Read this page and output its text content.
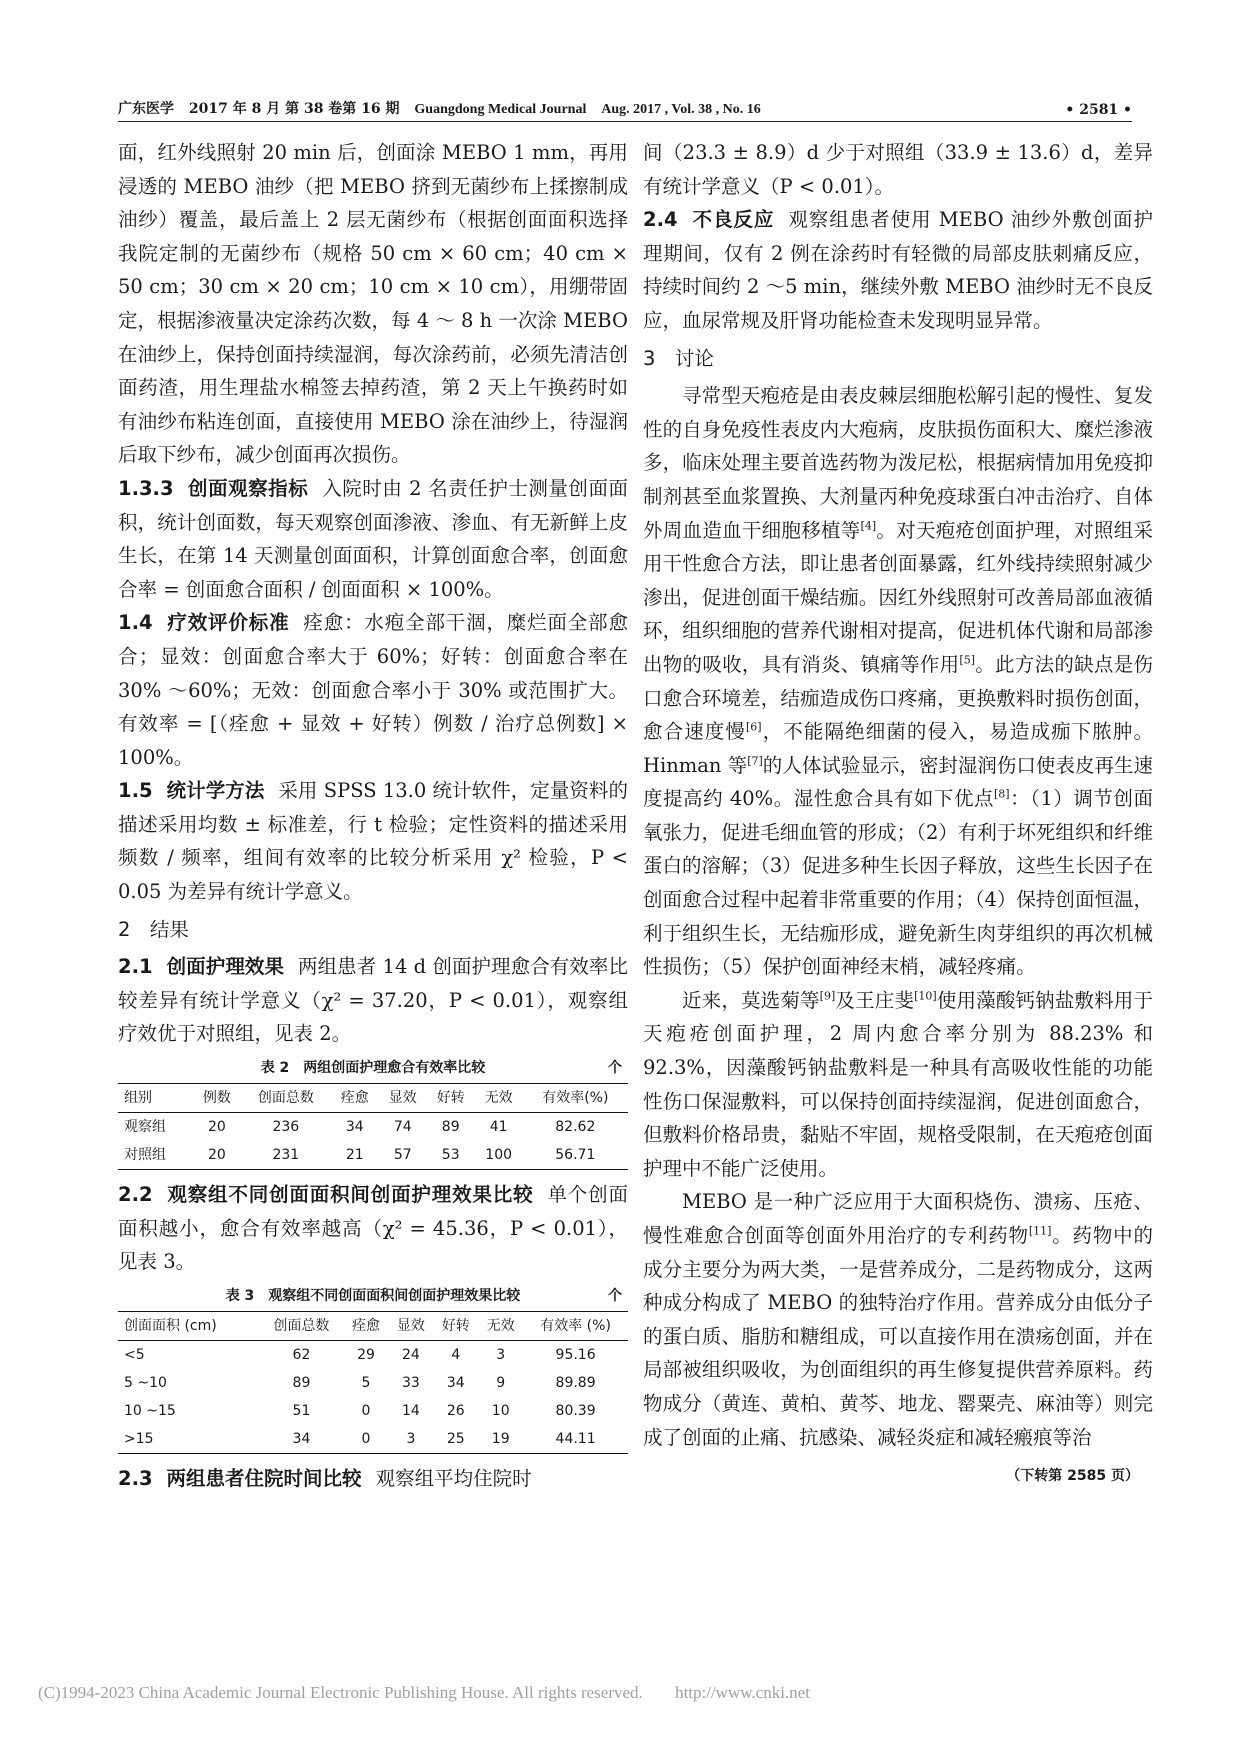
广东医学 2017 年 8 月 第 38 卷第 16 期 Guangdong Medical Journal Aug. 2017 , Vol. 38 , No. 16	• 2581 •

面，红外线照射 20 min 后，创面涂 MEBO 1 mm，再用浸透的 MEBO 油纱（把 MEBO 挤到无菌纱布上揉擦制成油纱）覆盖，最后盖上 2 层无菌纱布（根据创面面积选择我院定制的无菌纱布（规格 50 cm × 60 cm；40 cm × 50 cm；30 cm × 20 cm；10 cm × 10 cm），用绷带固定，根据渗液量决定涂药次数，每 4 ～ 8 h 一次涂 MEBO 在油纱上，保持创面持续湿润，每次涂药前，必须先清洁创面药渣，用生理盐水棉签去掉药渣，第 2 天上午换药时如有油纱布粘连创面，直接使用 MEBO 涂在油纱上，待湿润后取下纱布，减少创面再次损伤。

1.3.3 创面观察指标 入院时由 2 名责任护士测量创面面积，统计创面数，每天观察创面渗液、渗血、有无新鲜上皮生长，在第 14 天测量创面面积，计算创面愈合率，创面愈合率 = 创面愈合面积 / 创面面积 × 100%。

1.4 疗效评价标准 痊愈：水疱全部干涸，糜烂面全部愈合；显效：创面愈合率大于 60%；好转：创面愈合率在 30% ～60%；无效：创面愈合率小于 30% 或范围扩大。有效率 = [（痊愈 + 显效 + 好转）例数 / 治疗总例数] × 100%。

1.5 统计学方法 采用 SPSS 13.0 统计软件，定量资料的描述采用均数 ± 标准差，行 t 检验；定性资料的描述采用频数 / 频率，组间有效率的比较分析采用 χ² 检验，P < 0.05 为差异有统计学意义。

2　结果

2.1 创面护理效果 两组患者 14 d 创面护理愈合有效率比较差异有统计学意义（χ² = 37.20，P < 0.01），观察组疗效优于对照组，见表 2。

表 2　两组创面护理愈合有效率比较	个
组别	例数	创面总数	痊愈	显效	好转	无效	有效率(%)
观察组	20	236	34	74	89	41	82.62
对照组	20	231	21	57	53	100	56.71

2.2 观察组不同创面面积间创面护理效果比较 单个创面面积越小，愈合有效率越高（χ² = 45.36，P < 0.01），见表 3。

表 3　观察组不同创面面积间创面护理效果比较	个
创面面积 (cm)	创面总数	痊愈	显效	好转	无效	有效率 (%)
<5	62	29	24	4	3	95.16
5 ~10	89	5	33	34	9	89.89
10 ~15	51	0	14	26	10	80.39
>15	34	0	3	25	19	44.11

2.3 两组患者住院时间比较 观察组平均住院时

间（23.3 ± 8.9）d 少于对照组（33.9 ± 13.6）d，差异有统计学意义（P < 0.01）。

2.4 不良反应 观察组患者使用 MEBO 油纱外敷创面护理期间，仅有 2 例在涂药时有轻微的局部皮肤刺痛反应，持续时间约 2 ～5 min，继续外敷 MEBO 油纱时无不良反应，血尿常规及肝肾功能检查未发现明显异常。

3　讨论

寻常型天疱疮是由表皮棘层细胞松解引起的慢性、复发性的自身免疫性表皮内大疱病，皮肤损伤面积大、糜烂渗液多，临床处理主要首选药物为泼尼松，根据病情加用免疫抑制剂甚至血浆置换、大剂量丙种免疫球蛋白冲击治疗、自体外周血造血干细胞移植等[4]。对天疱疮创面护理，对照组采用干性愈合方法，即让患者创面暴露，红外线持续照射减少渗出，促进创面干燥结痂。因红外线照射可改善局部血液循环，组织细胞的营养代谢相对提高，促进机体代谢和局部渗出物的吸收，具有消炎、镇痛等作用[5]。此方法的缺点是伤口愈合环境差，结痂造成伤口疼痛，更换敷料时损伤创面，愈合速度慢[6]，不能隔绝细菌的侵入，易造成痂下脓肿。Hinman 等[7]的人体试验显示，密封湿润伤口使表皮再生速度提高约 40%。湿性愈合具有如下优点[8]：（1）调节创面氧张力，促进毛细血管的形成；（2）有利于坏死组织和纤维蛋白的溶解；（3）促进多种生长因子释放，这些生长因子在创面愈合过程中起着非常重要的作用；（4）保持创面恒温，利于组织生长，无结痂形成，避免新生肉芽组织的再次机械性损伤；（5）保护创面神经末梢，减轻疼痛。

近来，莫选菊等[9]及王庄斐[10]使用藻酸钙钠盐敷料用于天疱疮创面护理，2 周内愈合率分别为 88.23% 和 92.3%，因藻酸钙钠盐敷料是一种具有高吸收性能的功能性伤口保湿敷料，可以保持创面持续湿润，促进创面愈合，但敷料价格昂贵，黏贴不牢固，规格受限制，在天疱疮创面护理中不能广泛使用。

MEBO 是一种广泛应用于大面积烧伤、溃疡、压疮、慢性难愈合创面等创面外用治疗的专利药物[11]。药物中的成分主要分为两大类，一是营养成分，二是药物成分，这两种成分构成了 MEBO 的独特治疗作用。营养成分由低分子的蛋白质、脂肪和糖组成，可以直接作用在溃疡创面，并在局部被组织吸收，为创面组织的再生修复提供营养原料。药物成分（黄连、黄柏、黄芩、地龙、罂粟壳、麻油等）则完成了创面的止痛、抗感染、减轻炎症和减轻瘢痕等治

（下转第 2585 页）
(C)1994-2023 China Academic Journal Electronic Publishing House. All rights reserved. http://www.cnki.net
